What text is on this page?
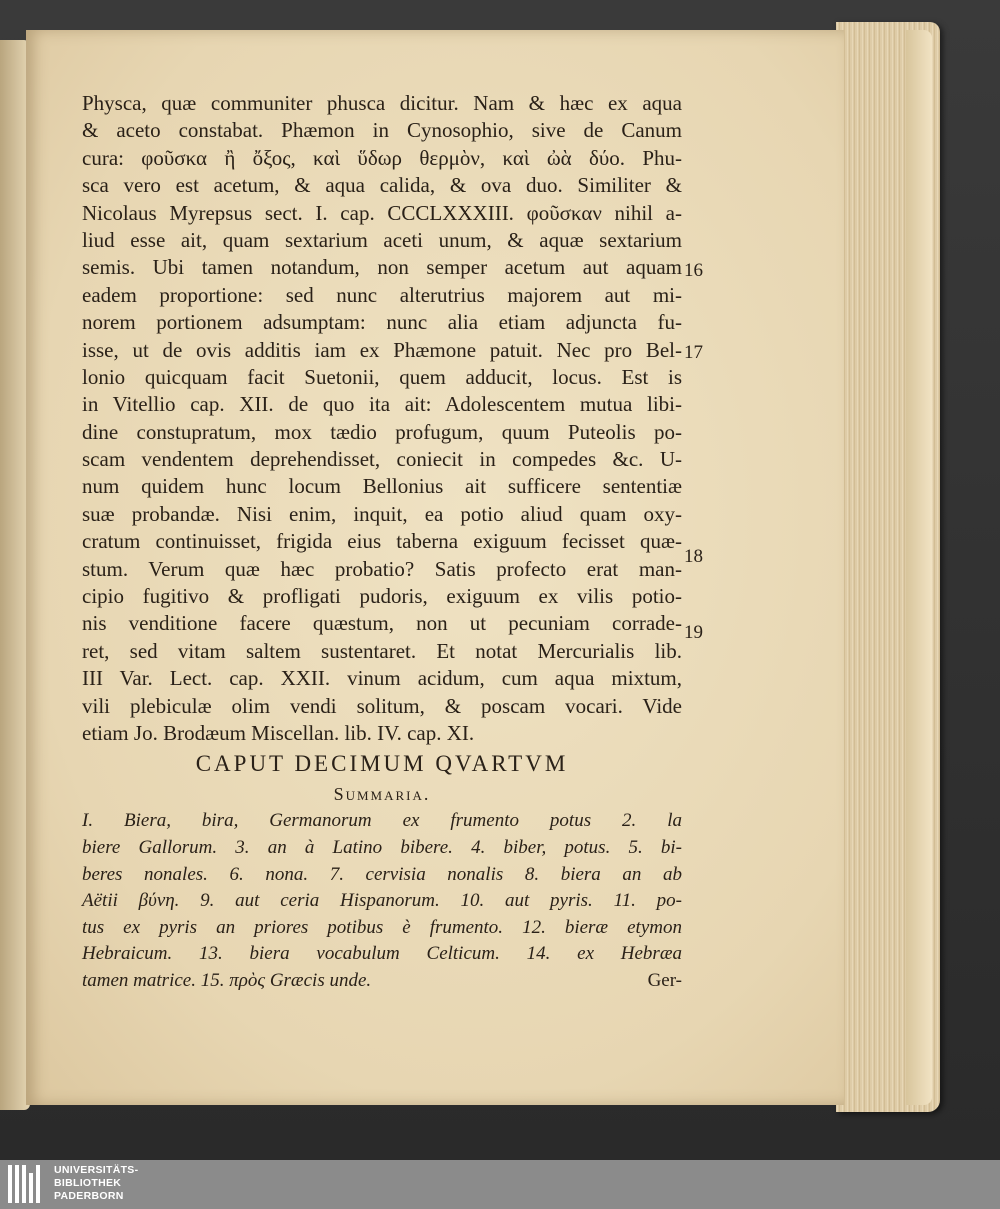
Physca, quæ communiter phusca dicitur. Nam & hæc ex aqua
& aceto constabat. Phæmon in Cynosophio, sive de Canum
cura: φοῦσκα ἢ ὄξος, καὶ ὕδωρ θερμὸν, καὶ ὠὰ δύο. Phu-
sca vero est acetum, & aqua calida, & ova duo. Similiter &
Nicolaus Myrepsus sect. I. cap. CCCLXXXIII. φοῦσκαν nihil a-
liud esse ait, quam sextarium aceti unum, & aquæ sextarium
semis. Ubi tamen notandum, non semper acetum aut aquam
eadem proportione: sed nunc alterutrius majorem aut mi-
norem portionem adsumptam: nunc alia etiam adjuncta fu-
isse, ut de ovis additis iam ex Phæmone patuit. Nec pro Bel-
lonio quicquam facit Suetonii, quem adducit, locus. Est is
in Vitellio cap. XII. de quo ita ait: Adolescentem mutua libi-
dine constupratum, mox tædio profugum, quum Puteolis po-
scam vendentem deprehendisset, coniecit in compedes &c. U-
num quidem hunc locum Bellonius ait sufficere sententiæ
suæ probandæ. Nisi enim, inquit, ea potio aliud quam oxy-
cratum continuisset, frigida eius taberna exiguum fecisset quæ-
stum. Verum quæ hæc probatio? Satis profecto erat man-
cipio fugitivo & profligati pudoris, exiguum ex vilis potio-
nis venditione facere quæstum, non ut pecuniam corrade-
ret, sed vitam saltem sustentaret. Et notat Mercurialis lib.
III Var. Lect. cap. XXII. vinum acidum, cum aqua mixtum,
vili plebiculæ olim vendi solitum, & poscam vocari. Vide
etiam Jo. Brodæum Miscellan. lib. IV. cap. XI.
CAPUT DECIMUM QVARTVM
Summaria.
I. Biera, bira, Germanorum ex frumento potus 2. la
biere Gallorum. 3. an à Latino bibere. 4. biber, potus. 5. bi-
beres nonales. 6. nona. 7. cervisia nonalis 8. biera an ab
Aëtii βύνη. 9. aut ceria Hispanorum. 10. aut pyris. 11. po-
tus ex pyris an priores potibus è frumento. 12. bieræ etymon
Hebraicum. 13. biera vocabulum Celticum. 14. ex Hebræa
tamen matrice. 15. πρὸς Græcis unde.	Ger-
16
17
18
19
UNIVERSITÄTS-
BIBLIOTHEK
PADERBORN
